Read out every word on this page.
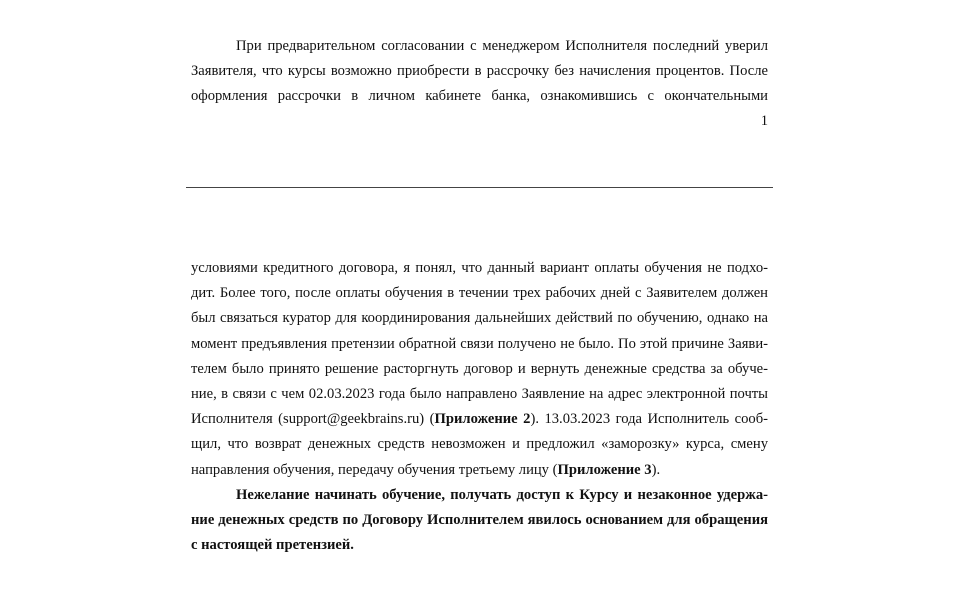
При предварительном согласовании с менеджером Исполнителя последний уверил
Заявителя, что курсы возможно приобрести в рассрочку без начисления процентов. После
оформления рассрочки в личном кабинете банка, ознакомившись с окончательными
1
условиями кредитного договора, я понял, что данный вариант оплаты обучения не подхо-
дит. Более того, после оплаты обучения в течении трех рабочих дней с Заявителем должен
был связаться куратор для координирования дальнейших действий по обучению, однако на
момент предъявления претензии обратной связи получено не было. По этой причине Заяви-
телем было принято решение расторгнуть договор и вернуть денежные средства за обуче-
ние, в связи с чем 02.03.2023 года было направлено Заявление на адрес электронной почты
Исполнителя (support@geekbrains.ru) (Приложение 2). 13.03.2023 года Исполнитель сооб-
щил, что возврат денежных средств невозможен и предложил «заморозку» курса, смену
направления обучения, передачу обучения третьему лицу (Приложение 3).
Нежелание начинать обучение, получать доступ к Курсу и незаконное удержа-
ние денежных средств по Договору Исполнителем явилось основанием для обращения
с настоящей претензией.
